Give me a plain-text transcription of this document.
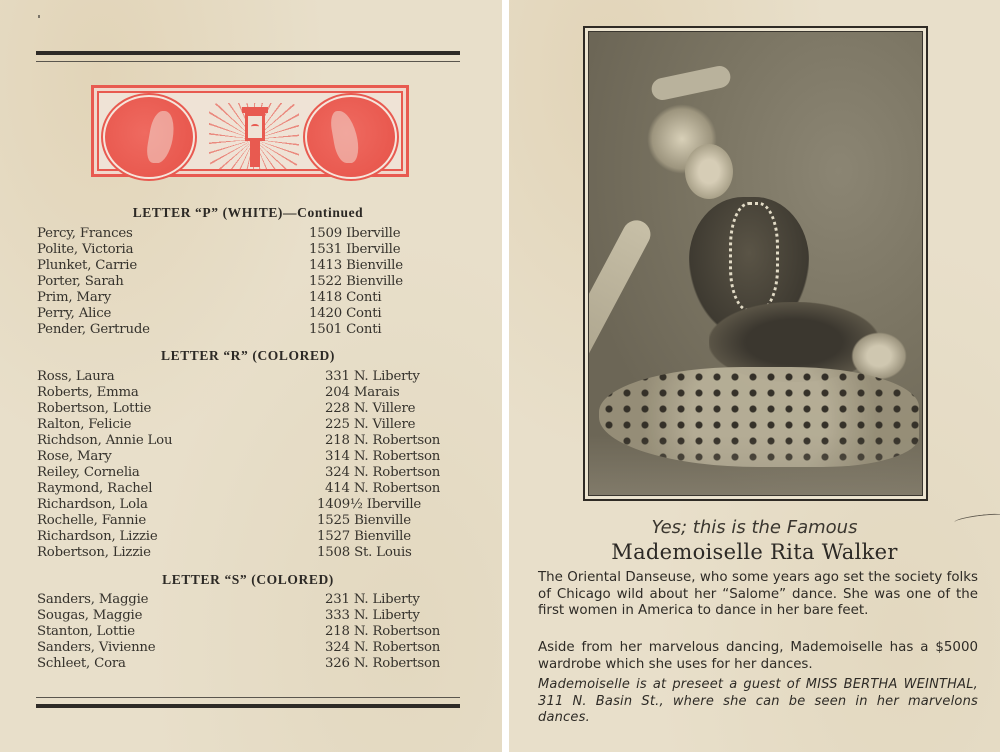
LETTER “P” (WHITE)—Continued
Percy, Frances	1509 Iberville
Polite, Victoria	1531 Iberville
Plunket, Carrie	1413 Bienville
Porter, Sarah	1522 Bienville
Prim, Mary	1418 Conti
Perry, Alice	1420 Conti
Pender, Gertrude	1501 Conti
LETTER “R” (COLORED)
Ross, Laura	331 N. Liberty
Roberts, Emma	204 Marais
Robertson, Lottie	228 N. Villere
Ralton, Felicie	225 N. Villere
Richdson, Annie Lou	218 N. Robertson
Rose, Mary	314 N. Robertson
Reiley, Cornelia	324 N. Robertson
Raymond, Rachel	414 N. Robertson
Richardson, Lola	1409½ Iberville
Rochelle, Fannie	1525 Bienville
Richardson, Lizzie	1527 Bienville
Robertson, Lizzie	1508 St. Louis
LETTER “S” (COLORED)
Sanders, Maggie	231 N. Liberty
Sougas, Maggie	333 N. Liberty
Stanton, Lottie	218 N. Robertson
Sanders, Vivienne	324 N. Robertson
Schleet, Cora	326 N. Robertson
Yes; this is the Famous
Mademoiselle Rita Walker
The Oriental Danseuse, who some years ago set the society folks of Chicago wild about her “Salome” dance. She was one of the first women in America to dance in her bare feet.
Aside from her marvelous dancing, Mademoiselle has a $5000 wardrobe which she uses for her dances.
Mademoiselle is at preseet a guest of MISS BERTHA WEINTHAL, 311 N. Basin St., where she can be seen in her marvelons dances.
